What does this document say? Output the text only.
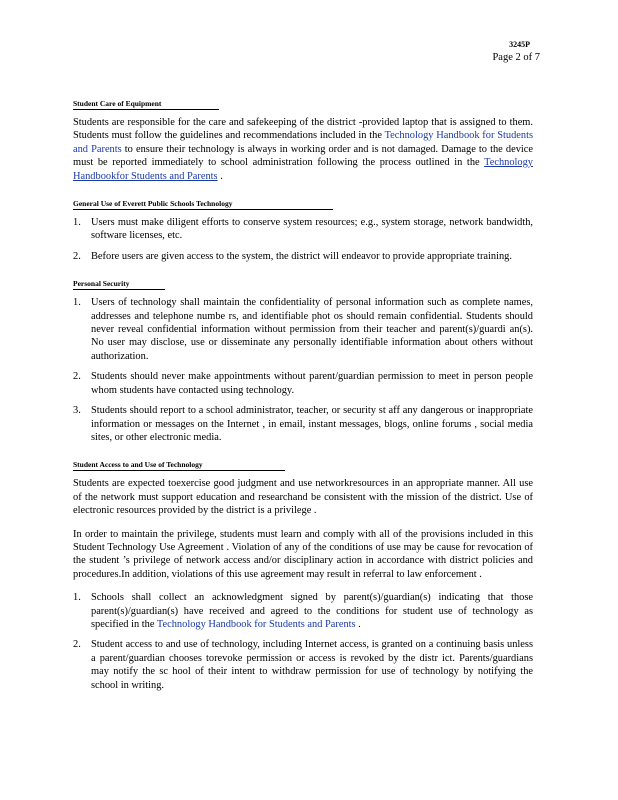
3245P
Page 2 of 7
Student Care of Equipment

Students are responsible for the care and safekeeping of the district -provided laptop that is assigned to them. Students must follow the guidelines and recommendations included in the Technology Handbook for Students and Parents to ensure their technology is always in working order and is not damaged. Damage to the device must be reported immediately to school administration following the process outlined in the Technology Handbookfor Students and Parents .

General Use of Everett Public Schools Technology
1. Users must make diligent efforts to conserve system resources; e.g., system storage, network bandwidth, software licenses, etc.
2. Before users are given access to the system, the district will endeavor to provide appropriate training.
Personal Security
1. Users of technology shall maintain the confidentiality of personal information such as complete names, addresses and telephone numbe rs, and identifiable phot os should remain confidential. Students should never reveal confidential information without permission from their teacher and parent(s)/guardi an(s). No user may disclose, use or disseminate any personally identifiable information about others without authorization.
2. Students should never make appointments without parent/guardian permission to meet in person people whom students have contacted using technology.
3. Students should report to a school administrator, teacher, or security st aff any dangerous or inappropriate information or messages on the Internet , in email, instant messages, blogs, online forums , social media sites, or other electronic media.
Student Access to and Use of Technology

Students are expected toexercise good judgment and use networkresources in an appropriate manner. All use of the network must support education and researchand be consistent with the mission of the district. Use of electronic resources provided by the district is a privilege .

In order to maintain the privilege, students must learn and comply with all of the provisions included in this Student Technology Use Agreement . Violation of any of the conditions of use may be cause for revocation of the student ’s privilege of network access and/or disciplinary action in accordance with district policies and procedures.In addition, violations of this use agreement may result in referral to law enforcement .

1. Schools shall collect an acknowledgment signed by parent(s)/guardian(s) indicating that those parent(s)/guardian(s) have received and agreed to the conditions for student use of technology as specified in the Technology Handbook for Students and Parents .
2. Student access to and use of technology, including Internet access, is granted on a continuing basis unless a parent/guardian chooses torevoke permission or access is revoked by the distr ict. Parents/guardians may notify the sc hool of their intent to withdraw permission for use of technology by notifying the school in writing.
